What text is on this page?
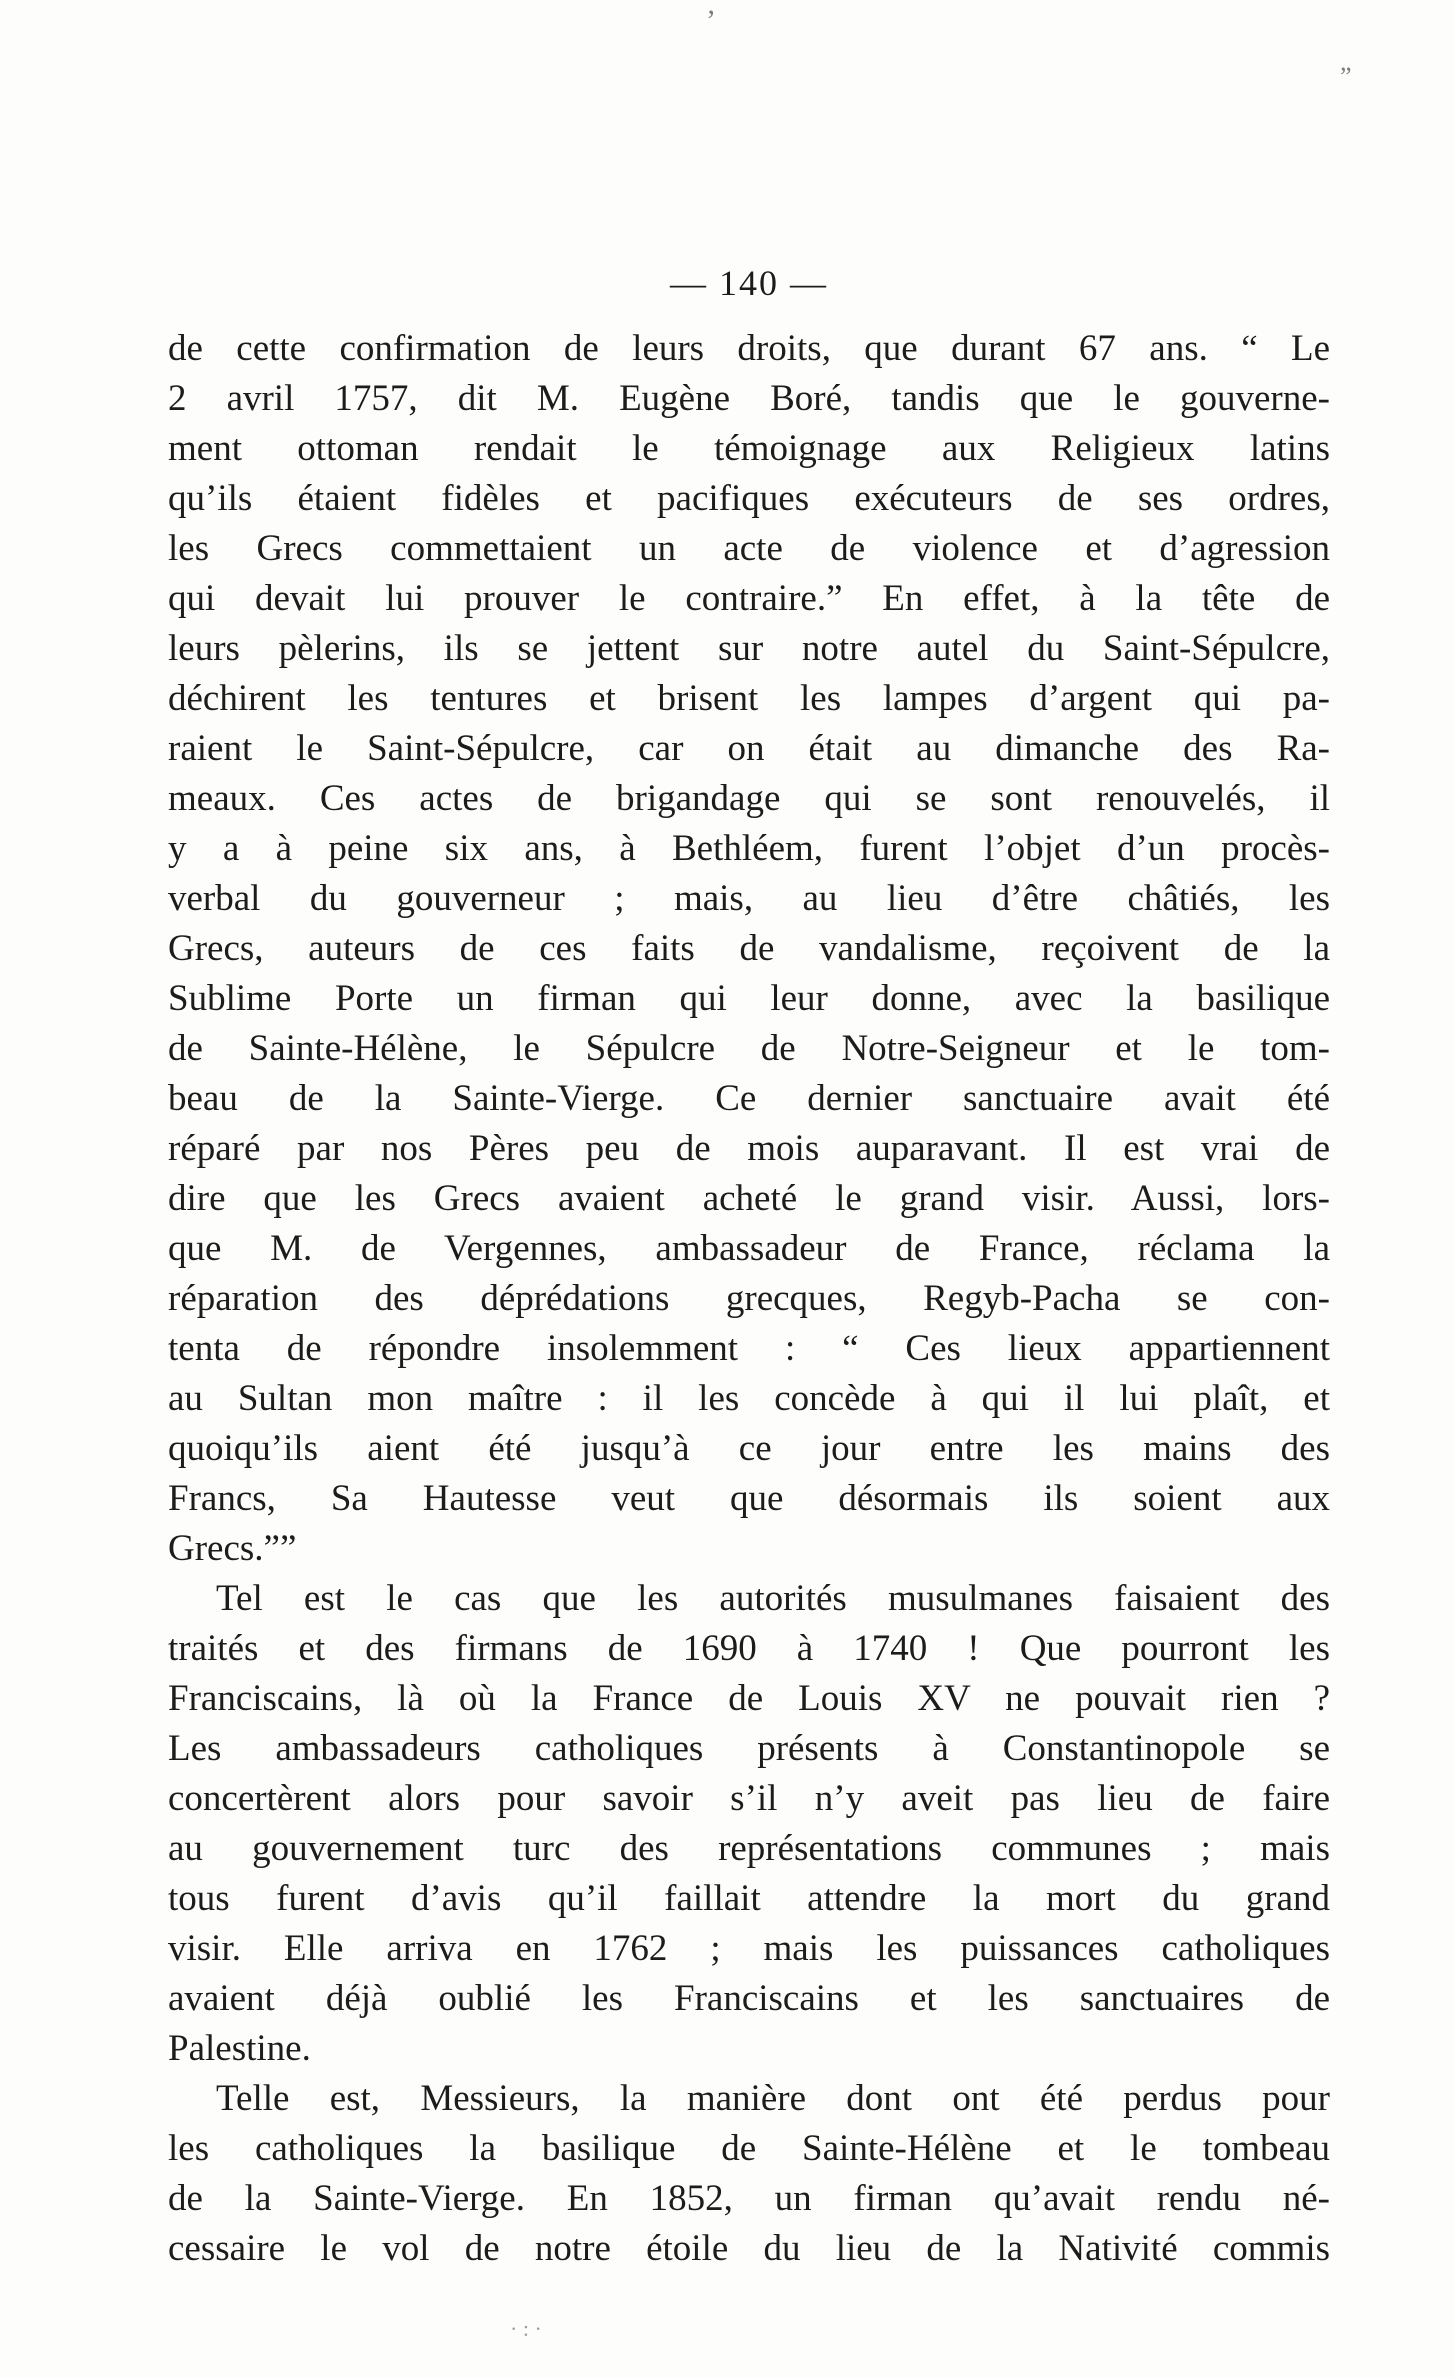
’
”
· : ·
— 140 —
de cette confirmation de leurs droits, que durant 67 ans. “ Le
2 avril 1757, dit M. Eugène Boré, tandis que le gouverne-
ment ottoman rendait le témoignage aux Religieux latins
qu’ils étaient fidèles et pacifiques exécuteurs de ses ordres,
les Grecs commettaient un acte de violence et d’agression
qui devait lui prouver le contraire.” En effet, à la tête de
leurs pèlerins, ils se jettent sur notre autel du Saint-Sépulcre,
déchirent les tentures et brisent les lampes d’argent qui pa-
raient le Saint-Sépulcre, car on était au dimanche des Ra-
meaux. Ces actes de brigandage qui se sont renouvelés, il
y a à peine six ans, à Bethléem, furent l’objet d’un procès-
verbal du gouverneur ; mais, au lieu d’être châtiés, les
Grecs, auteurs de ces faits de vandalisme, reçoivent de la
Sublime Porte un firman qui leur donne, avec la basilique
de Sainte-Hélène, le Sépulcre de Notre-Seigneur et le tom-
beau de la Sainte-Vierge. Ce dernier sanctuaire avait été
réparé par nos Pères peu de mois auparavant. Il est vrai de
dire que les Grecs avaient acheté le grand visir. Aussi, lors-
que M. de Vergennes, ambassadeur de France, réclama la
réparation des déprédations grecques, Regyb-Pacha se con-
tenta de répondre insolemment : “ Ces lieux appartiennent
au Sultan mon maître : il les concède à qui il lui plaît, et
quoiqu’ils aient été jusqu’à ce jour entre les mains des
Francs, Sa Hautesse veut que désormais ils soient aux
Grecs.””
Tel est le cas que les autorités musulmanes faisaient des
traités et des firmans de 1690 à 1740 ! Que pourront les
Franciscains, là où la France de Louis XV ne pouvait rien ?
Les ambassadeurs catholiques présents à Constantinopole se
concertèrent alors pour savoir s’il n’y aveit pas lieu de faire
au gouvernement turc des représentations communes ; mais
tous furent d’avis qu’il faillait attendre la mort du grand
visir. Elle arriva en 1762 ; mais les puissances catholiques
avaient déjà oublié les Franciscains et les sanctuaires de
Palestine.
Telle est, Messieurs, la manière dont ont été perdus pour
les catholiques la basilique de Sainte-Hélène et le tombeau
de la Sainte-Vierge. En 1852, un firman qu’avait rendu né-
cessaire le vol de notre étoile du lieu de la Nativité commis
